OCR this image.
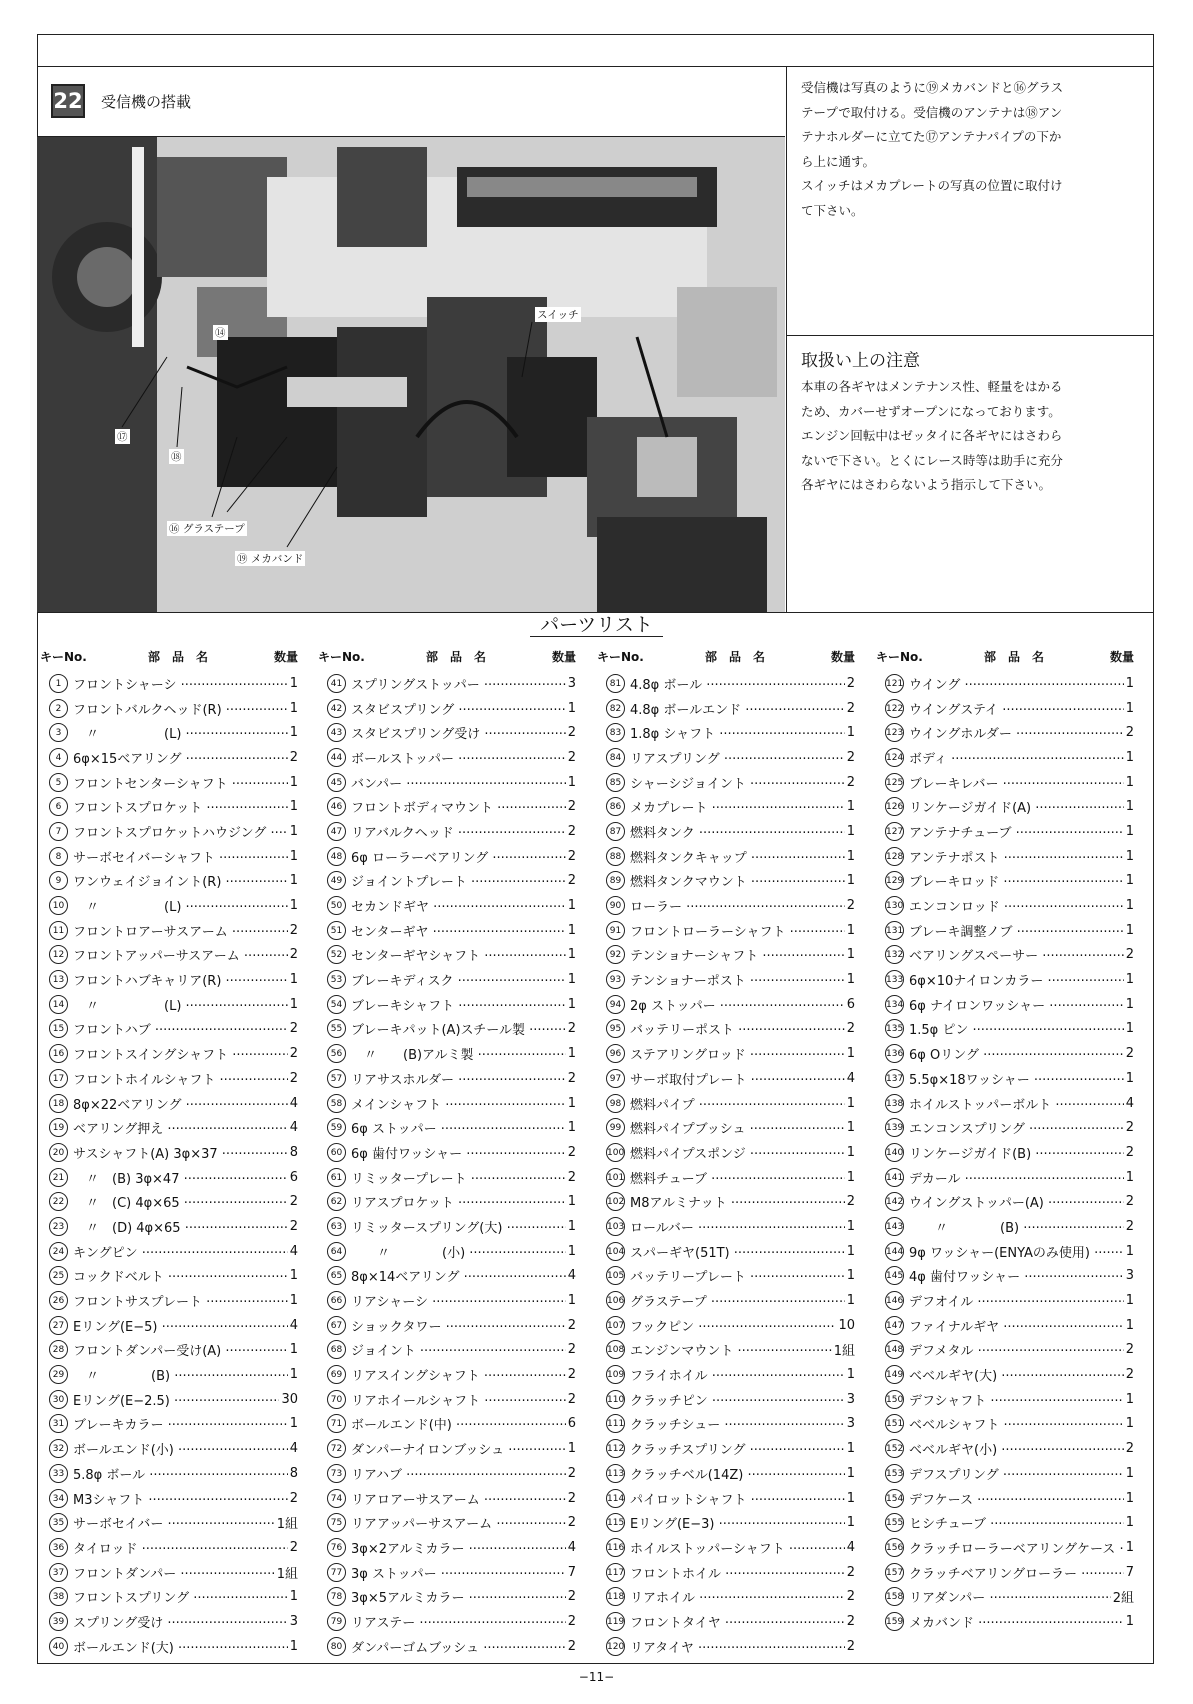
22 受信機の搭載
スイッチ
⑭
⑰
⑱
⑯ グラステープ
⑲ メカバンド
受信機は写真のように⑲メカバンドと⑯グラス
テープで取付ける。受信機のアンテナは⑱アン
テナホルダーに立てた⑰アンテナパイプの下か
ら上に通す。
スイッチはメカプレートの写真の位置に取付け
て下さい。
取扱い上の注意
本車の各ギヤはメンテナンス性、軽量をはかる
ため、カバーせずオープンになっております。
エンジン回転中はゼッタイに各ギヤにはさわら
ないで下さい。とくにレース時等は助手に充分
各ギヤにはさわらないよう指示して下さい。
パーツリスト
キーNo.	部　品　名	数量 キーNo.	部　品　名	数量 キーNo.	部　品　名	数量 キーNo.	部　品　名	数量
1 フロントシャーシ ·····	1
2 フロントバルクヘッド(R) ·····	1
3 　〃　　　　　(L) ·····	1
4 6φ×15ベアリング ·····	2
5 フロントセンターシャフト ·····	1
6 フロントスプロケット ·····	1
7 フロントスプロケットハウジング ·····	1
8 サーボセイバーシャフト ·····	1
9 ワンウェイジョイント(R) ·····	1
10 　〃　　　　　(L) ·····	1
11 フロントロアーサスアーム ·····	2
12 フロントアッパーサスアーム ·····	2
13 フロントハブキャリア(R) ·····	1
14 　〃　　　　　(L) ·····	1
15 フロントハブ ·····	2
16 フロントスイングシャフト ·····	2
17 フロントホイルシャフト ·····	2
18 8φ×22ベアリング ·····	4
19 ベアリング押え ·····	4
20 サスシャフト(A) 3φ×37 ·····	8
21 　〃　(B) 3φ×47 ·····	6
22 　〃　(C) 4φ×65 ·····	2
23 　〃　(D) 4φ×65 ·····	2
24 キングピン ·····	4
25 コックドベルト ·····	1
26 フロントサスプレート ·····	1
27 Eリング(E−5) ·····	4
28 フロントダンパー受け(A) ·····	1
29 　〃　　　　(B) ·····	1
30 Eリング(E−2.5) ·····	30
31 ブレーキカラー ·····	1
32 ボールエンド(小) ·····	4
33 5.8φ ボール ·····	8
34 M3シャフト ·····	2
35 サーボセイバー ·····	1組
36 タイロッド ·····	2
37 フロントダンパー ·····	1組
38 フロントスプリング ·····	1
39 スプリング受け ·····	3
40 ボールエンド(大) ·····	1
41 スプリングストッパー ·····	3
42 スタビスプリング ·····	1
43 スタビスプリング受け ·····	2
44 ボールストッパー ·····	2
45 バンパー ·····	1
46 フロントボディマウント ·····	2
47 リアバルクヘッド ·····	2
48 6φ ローラーベアリング ·····	2
49 ジョイントプレート ·····	2
50 セカンドギヤ ·····	1
51 センターギヤ ·····	1
52 センターギヤシャフト ·····	1
53 ブレーキディスク ·····	1
54 ブレーキシャフト ·····	1
55 ブレーキパット(A)スチール製 ·····	2
56 　〃　　(B)アルミ製 ·····	1
57 リアサスホルダー ·····	2
58 メインシャフト ·····	1
59 6φ ストッパー ·····	1
60 6φ 歯付ワッシャー ·····	2
61 リミッタープレート ·····	2
62 リアスプロケット ·····	1
63 リミッタースプリング(大) ·····	1
64 　　〃　　　　(小) ·····	1
65 8φ×14ベアリング ·····	4
66 リアシャーシ ·····	1
67 ショックタワー ·····	2
68 ジョイント ·····	2
69 リアスイングシャフト ·····	2
70 リアホイールシャフト ·····	2
71 ボールエンド(中) ·····	6
72 ダンパーナイロンブッシュ ·····	1
73 リアハブ ·····	2
74 リアロアーサスアーム ·····	2
75 リアアッパーサスアーム ·····	2
76 3φ×2アルミカラー ·····	4
77 3φ ストッパー ·····	7
78 3φ×5アルミカラー ·····	2
79 リアステー ·····	2
80 ダンパーゴムブッシュ ·····	2
81 4.8φ ボール ·····	2
82 4.8φ ボールエンド ·····	2
83 1.8φ シャフト ·····	1
84 リアスプリング ·····	2
85 シャーシジョイント ·····	2
86 メカプレート ·····	1
87 燃料タンク ·····	1
88 燃料タンクキャップ ·····	1
89 燃料タンクマウント ·····	1
90 ローラー ·····	2
91 フロントローラーシャフト ·····	1
92 テンショナーシャフト ·····	1
93 テンショナーポスト ·····	1
94 2φ ストッパー ·····	6
95 バッテリーポスト ·····	2
96 ステアリングロッド ·····	1
97 サーボ取付プレート ·····	4
98 燃料パイプ ·····	1
99 燃料パイプブッシュ ·····	1
100 燃料パイプスポンジ ·····	1
101 燃料チューブ ·····	1
102 M8アルミナット ·····	2
103 ロールバー ·····	1
104 スパーギヤ(51T) ·····	1
105 バッテリープレート ·····	1
106 グラステープ ·····	1
107 フックピン ·····	10
108 エンジンマウント ·····	1組
109 フライホイル ·····	1
110 クラッチピン ·····	3
111 クラッチシュー ·····	3
112 クラッチスプリング ·····	1
113 クラッチベル(14Z) ·····	1
114 パイロットシャフト ·····	1
115 Eリング(E−3) ·····	1
116 ホイルストッパーシャフト ·····	4
117 フロントホイル ·····	2
118 リアホイル ·····	2
119 フロントタイヤ ·····	2
120 リアタイヤ ·····	2
121 ウイング ·····	1
122 ウイングステイ ·····	1
123 ウイングホルダー ·····	2
124 ボディ ·····	1
125 ブレーキレバー ·····	1
126 リンケージガイド(A) ·····	1
127 アンテナチューブ ·····	1
128 アンテナポスト ·····	1
129 ブレーキロッド ·····	1
130 エンコンロッド ·····	1
131 ブレーキ調整ノブ ·····	1
132 ベアリングスペーサー ·····	2
133 6φ×10ナイロンカラー ·····	1
134 6φ ナイロンワッシャー ·····	1
135 1.5φ ピン ·····	1
136 6φ Oリング ·····	2
137 5.5φ×18ワッシャー ·····	1
138 ホイルストッパーボルト ·····	4
139 エンコンスプリング ·····	2
140 リンケージガイド(B) ·····	2
141 デカール ·····	1
142 ウイングストッパー(A) ·····	2
143 　　〃　　　　(B) ·····	2
144 9φ ワッシャー(ENYAのみ使用) ·····	1
145 4φ 歯付ワッシャー ·····	3
146 デフオイル ·····	1
147 ファイナルギヤ ·····	1
148 デフメタル ·····	2
149 ベベルギヤ(大) ·····	2
150 デフシャフト ·····	1
151 ベベルシャフト ·····	1
152 ベベルギヤ(小) ·····	2
153 デフスプリング ·····	1
154 デフケース ·····	1
155 ヒシチューブ ·····	1
156 クラッチローラーベアリングケース ····· 1
157 クラッチベアリングローラー ·····	7
158 リアダンパー ·····	2組
159 メカバンド ·····	1
−11−
